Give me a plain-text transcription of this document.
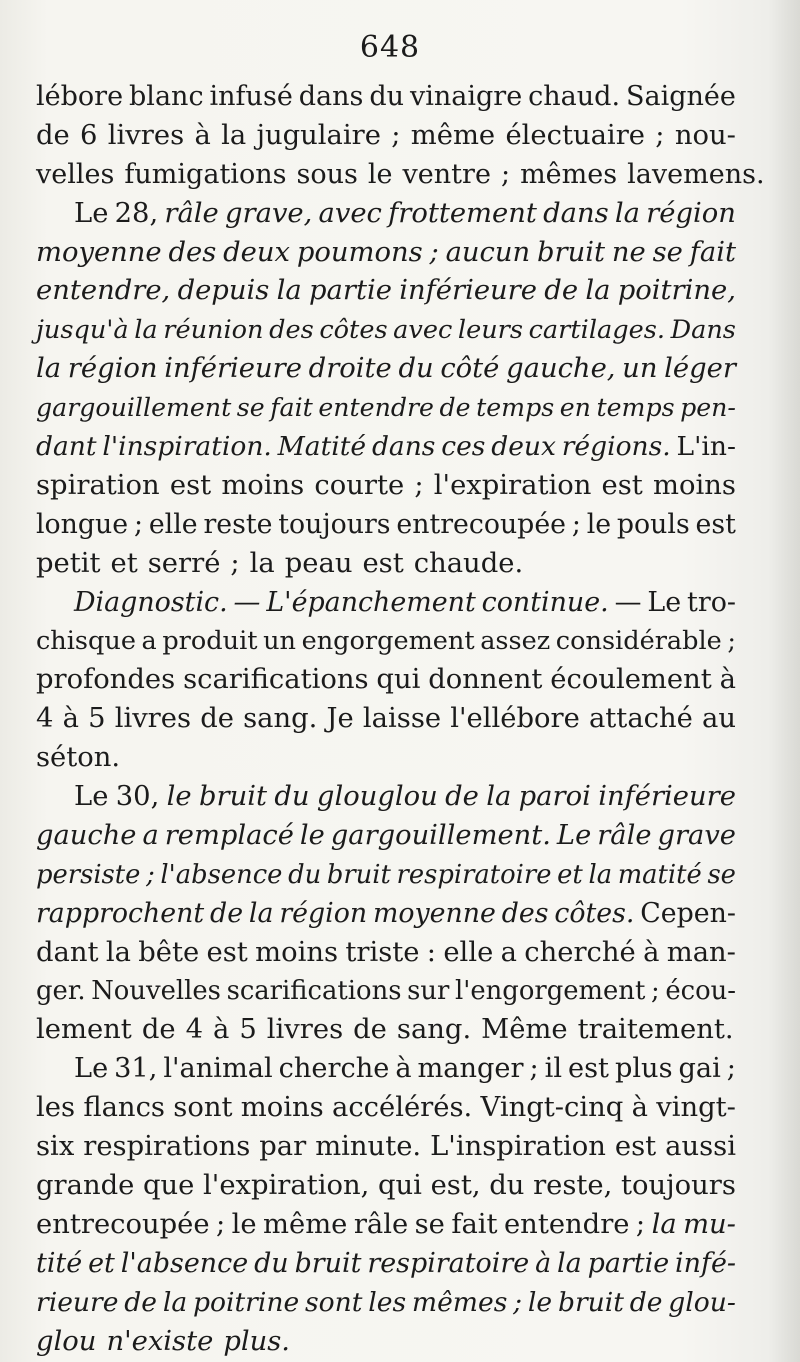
648
lébore blanc infusé dans du vinaigre chaud. Saignée
de 6 livres à la jugulaire ; même électuaire ; nou-
velles fumigations sous le ventre ; mêmes lavemens.
Le 28, râle grave, avec frottement dans la région
moyenne des deux poumons ; aucun bruit ne se fait
entendre, depuis la partie inférieure de la poitrine,
jusqu'à la réunion des côtes avec leurs cartilages. Dans
la région inférieure droite du côté gauche, un léger
gargouillement se fait entendre de temps en temps pen-
dant l'inspiration. Matité dans ces deux régions. L'in-
spiration est moins courte ; l'expiration est moins
longue ; elle reste toujours entrecoupée ; le pouls est
petit et serré ; la peau est chaude.
Diagnostic. — L'épanchement continue. — Le tro-
chisque a produit un engorgement assez considérable ;
profondes scarifications qui donnent écoulement à
4 à 5 livres de sang. Je laisse l'ellébore attaché au
séton.
Le 30, le bruit du glouglou de la paroi inférieure
gauche a remplacé le gargouillement. Le râle grave
persiste ; l'absence du bruit respiratoire et la matité se
rapprochent de la région moyenne des côtes. Cepen-
dant la bête est moins triste : elle a cherché à man-
ger. Nouvelles scarifications sur l'engorgement ; écou-
lement de 4 à 5 livres de sang. Même traitement.
Le 31, l'animal cherche à manger ; il est plus gai ;
les flancs sont moins accélérés. Vingt-cinq à vingt-
six respirations par minute. L'inspiration est aussi
grande que l'expiration, qui est, du reste, toujours
entrecoupée ; le même râle se fait entendre ; la mu-
tité et l'absence du bruit respiratoire à la partie infé-
rieure de la poitrine sont les mêmes ; le bruit de glou-
glou n'existe plus.
